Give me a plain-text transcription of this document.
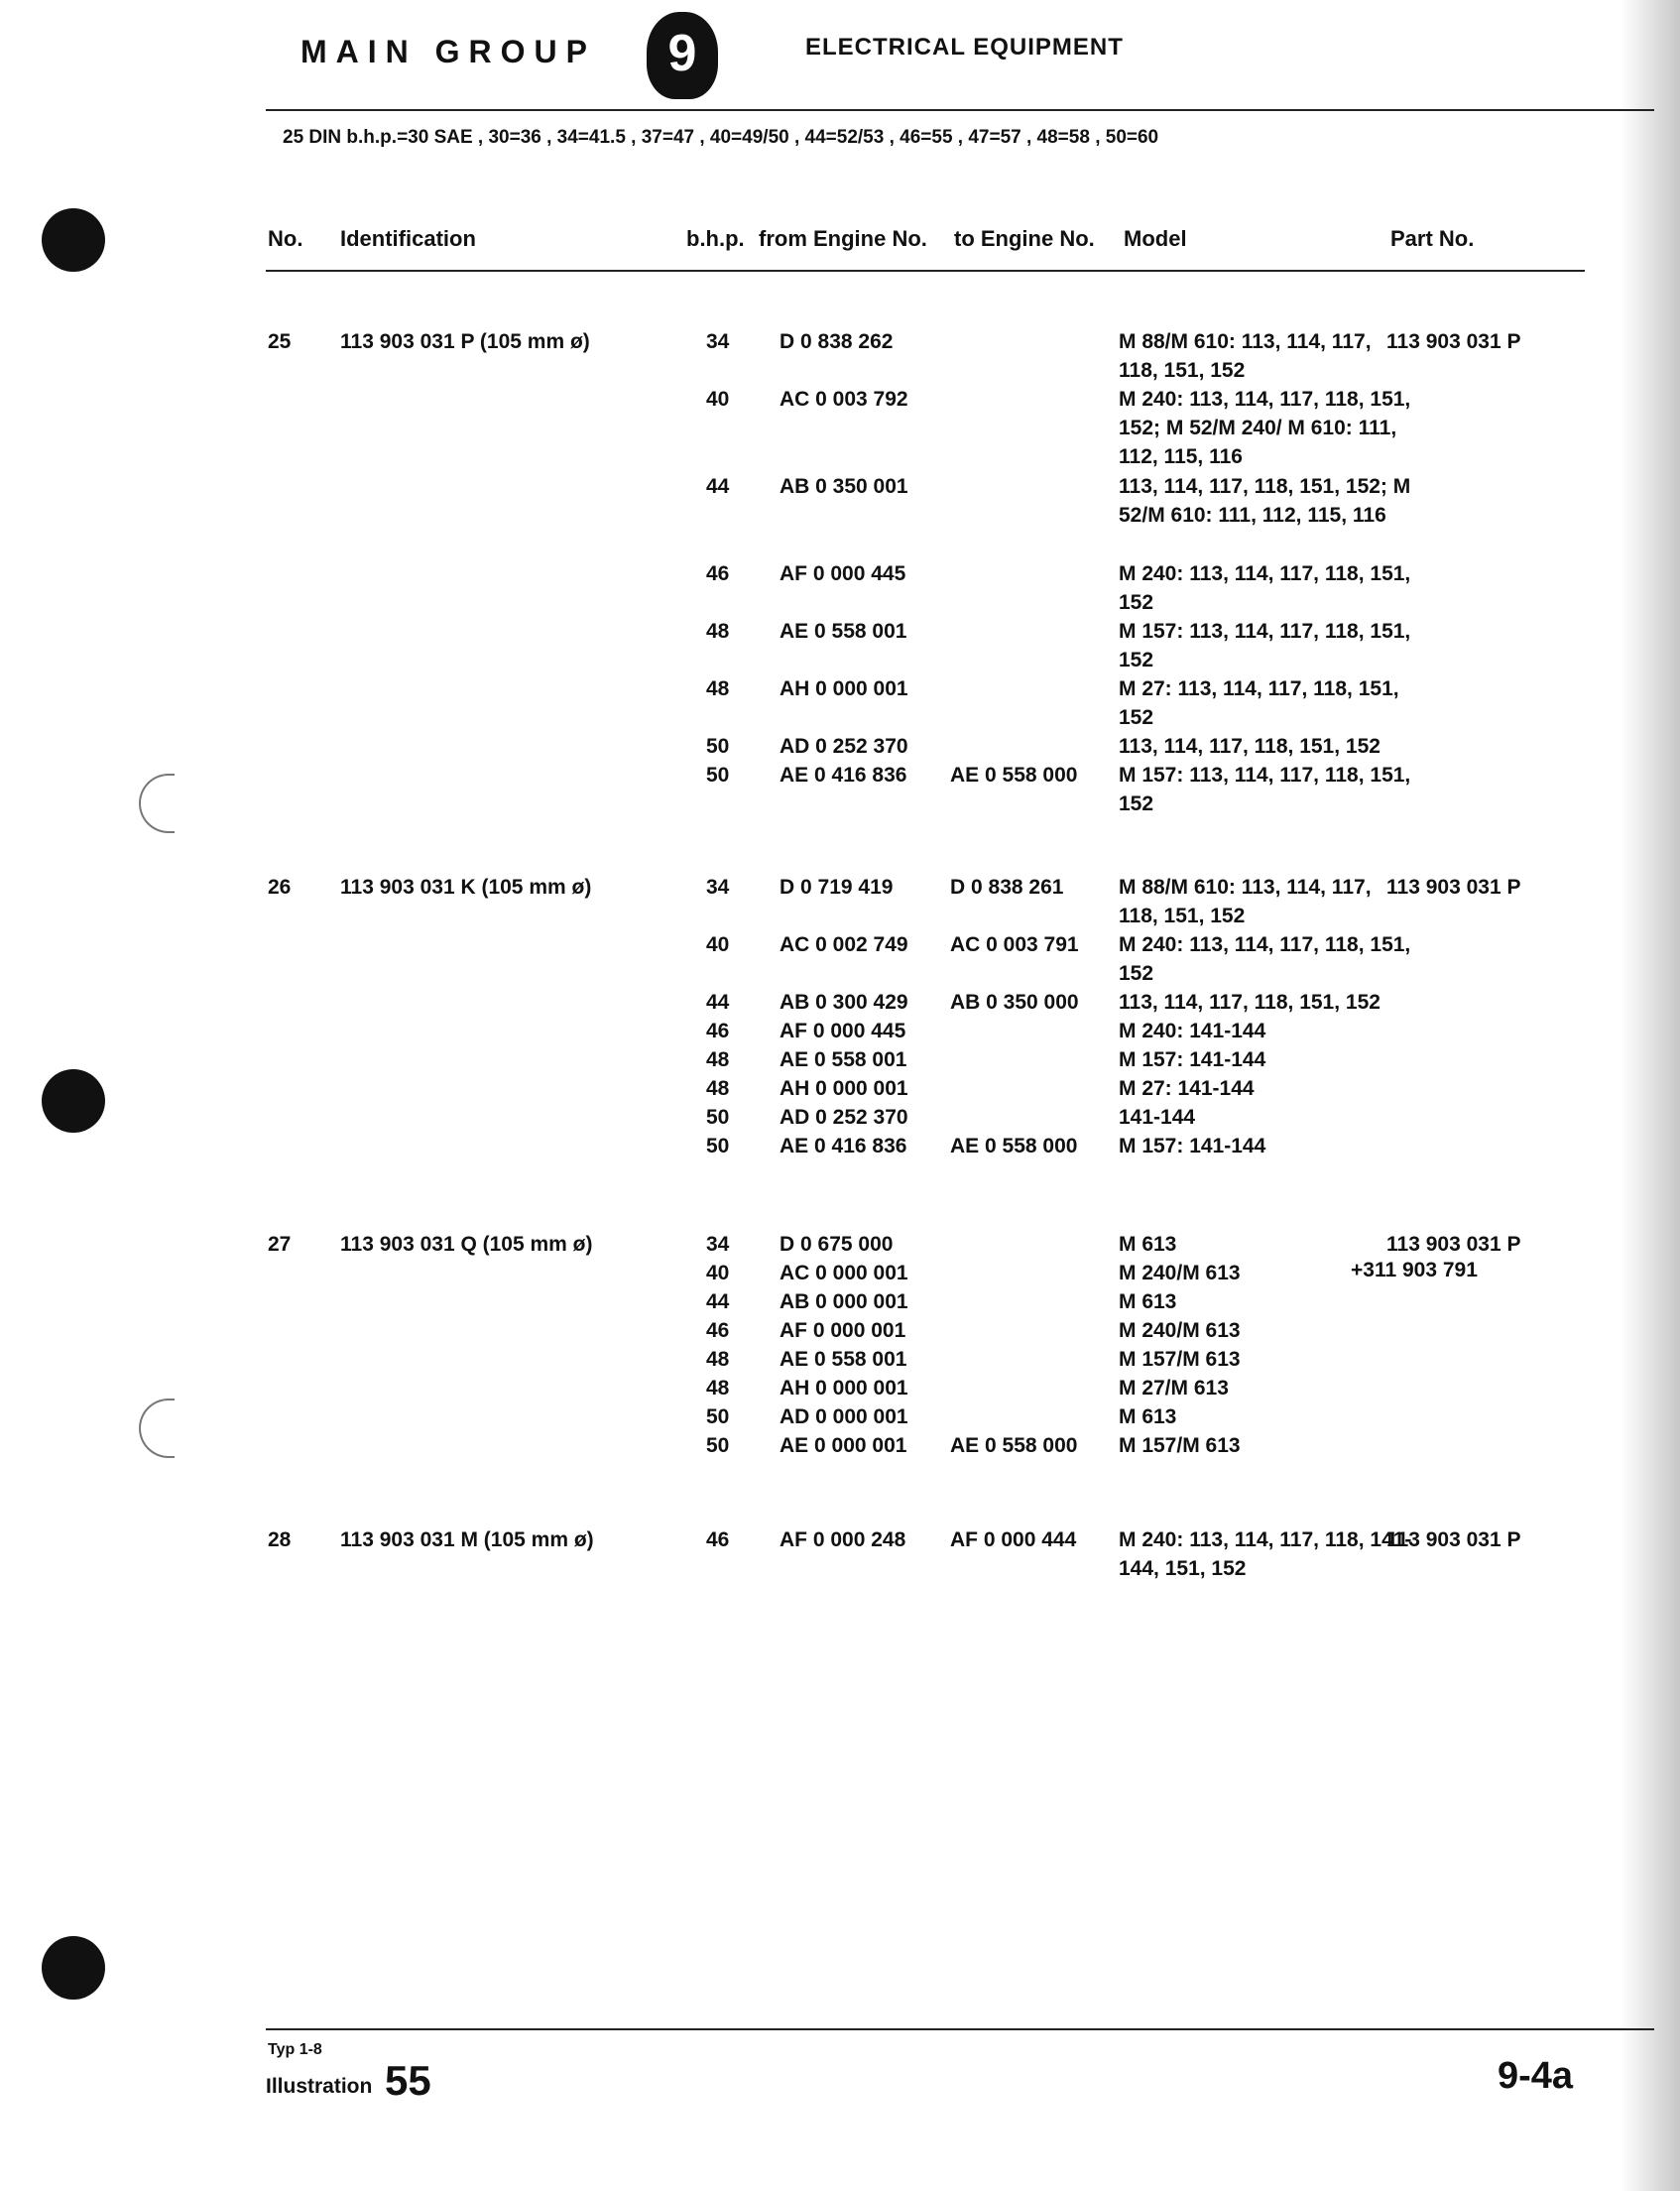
MAIN GROUP	9	ELECTRICAL EQUIPMENT
25 DIN b.h.p.=30 SAE , 30=36 , 34=41.5 , 37=47 , 40=49/50 , 44=52/53 , 46=55 , 47=57 , 48=58 , 50=60
No. Identification	b.h.p. from Engine No. to Engine No. Model	Part No.
25 113 903 031 P (105 mm ø)	113 903 031 P
34 D 0 838 262	M 88/M 610: 113, 114, 117, 118, 151, 152
40 AC 0 003 792	M 240: 113, 114, 117, 118, 151, 152; M 52/M 240/ M 610: 111, 112, 115, 116
44 AB 0 350 001	113, 114, 117, 118, 151, 152; M 52/M 610: 111, 112, 115, 116
46 AF 0 000 445	M 240: 113, 114, 117, 118, 151, 152
48 AE 0 558 001	M 157: 113, 114, 117, 118, 151, 152
48 AH 0 000 001	M 27: 113, 114, 117, 118, 151, 152
50 AD 0 252 370	113, 114, 117, 118, 151, 152
50 AE 0 416 836 AE 0 558 000 M 157: 113, 114, 117, 118, 151, 152
26 113 903 031 K (105 mm ø)	113 903 031 P
34 D 0 719 419	D 0 838 261	M 88/M 610: 113, 114, 117, 118, 151, 152
40 AC 0 002 749 AC 0 003 791 M 240: 113, 114, 117, 118, 151, 152
44 AB 0 300 429 AB 0 350 000 113, 114, 117, 118, 151, 152
46 AF 0 000 445	M 240: 141-144
48 AE 0 558 001	M 157: 141-144
48 AH 0 000 001	M 27: 141-144
50 AD 0 252 370	141-144
50 AE 0 416 836 AE 0 558 000 M 157: 141-144
27 113 903 031 Q (105 mm ø)	113 903 031 P
+311 903 791
34 D 0 675 000	M 613
40 AC 0 000 001	M 240/M 613
44 AB 0 000 001	M 613
46 AF 0 000 001	M 240/M 613
48 AE 0 558 001	M 157/M 613
48 AH 0 000 001	M 27/M 613
50 AD 0 000 001	M 613
50 AE 0 000 001 AE 0 558 000 M 157/M 613
28 113 903 031 M (105 mm ø)	113 903 031 P
46 AF 0 000 248 AF 0 000 444 M 240: 113, 114, 117, 118, 141-144, 151, 152
Typ 1-8
Illustration 55	9-4a
